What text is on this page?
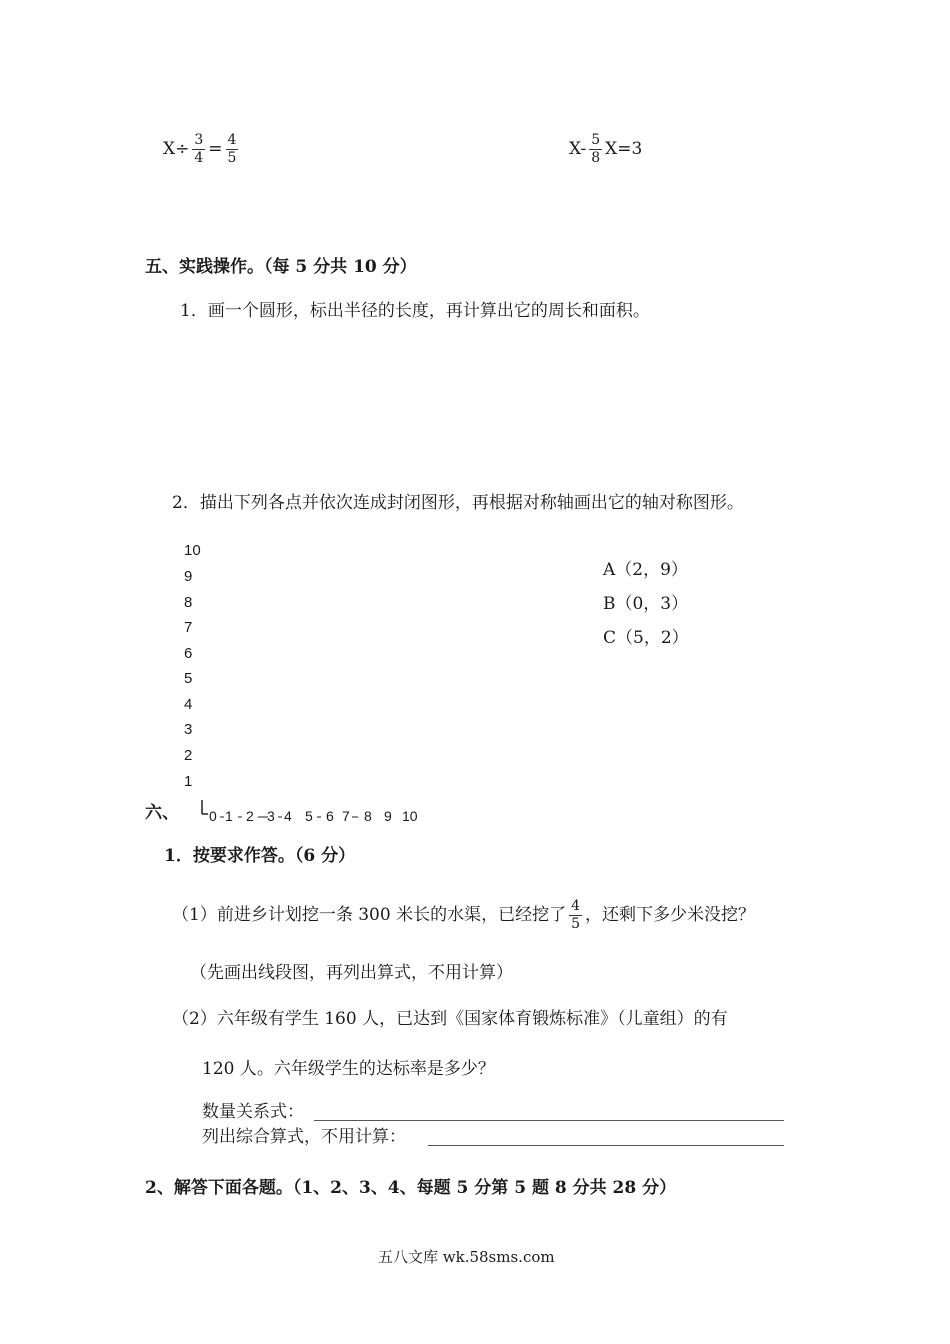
$X\div \frac{3}{4} = \frac{4}{5}$	$X- \frac{5}{8} X=3$
五、实践操作。（每 5 分共 10 分）
1．画一个圆形，标出半径的长度，再计算出它的周长和面积。
2．描出下列各点并依次连成封闭图形，再根据对称轴画出它的轴对称图形。
10
9
8
7
6
5
4
3
2
1
0 1 2 3 4 5 6 7 8 9 10
A（2，9）
B（0，3）
C（5，2）
六、
1．按要求作答。（6 分）
（1）前进乡计划挖一条 300 米长的水渠，已经挖了 $\frac{4}{5}$ ，还剩下多少米没挖？
（先画出线段图，再列出算式，不用计算）
（2）六年级有学生 160 人，已达到《国家体育锻炼标准》（儿童组）的有
120 人。六年级学生的达标率是多少？
数量关系式：
列出综合算式，不用计算：
2、解答下面各题。（1、2、3、4、每题 5 分第 5 题 8 分共 28 分）
五八文库 wk.58sms.com
